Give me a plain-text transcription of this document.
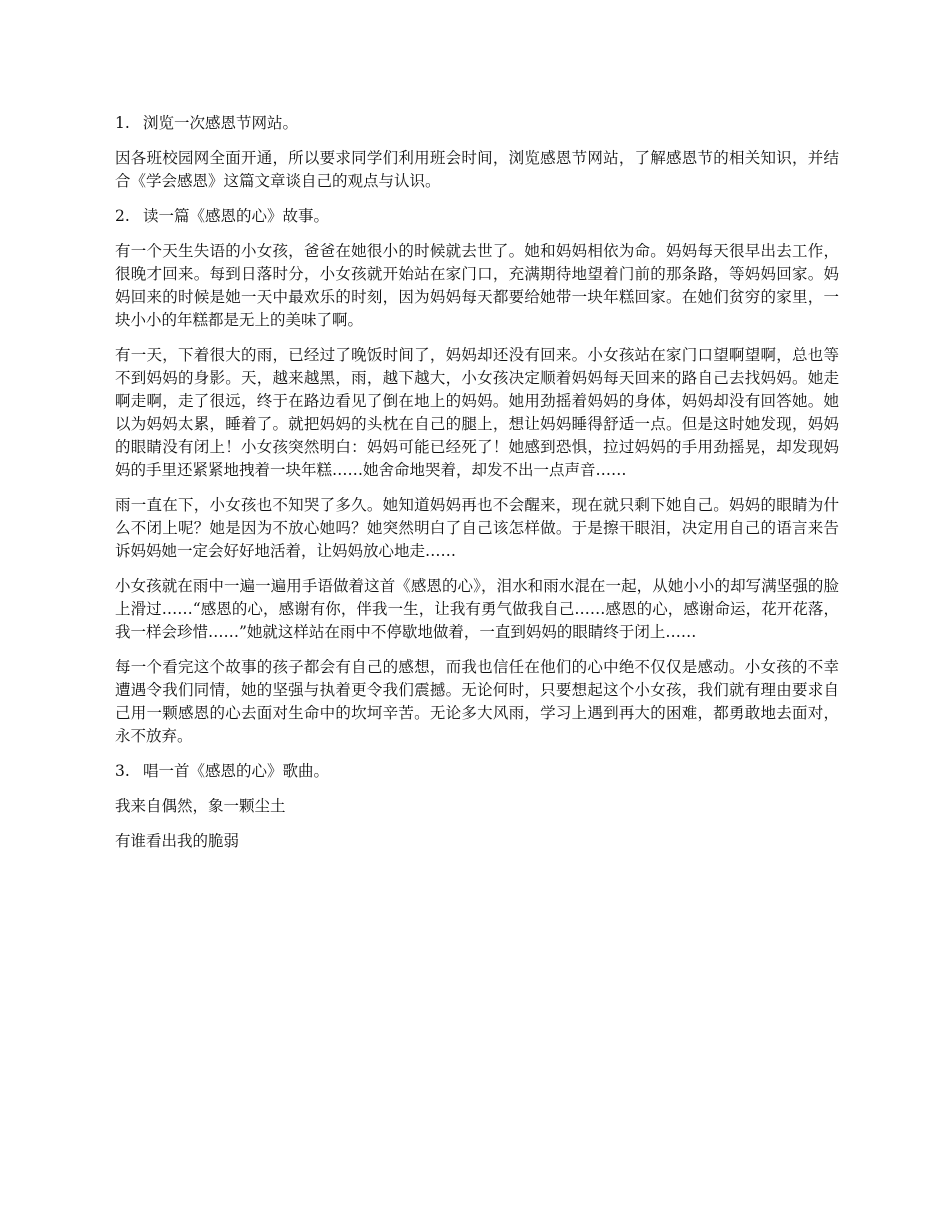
1. 浏览一次感恩节网站。

因各班校园网全面开通，所以要求同学们利用班会时间，浏览感恩节网站，了解感恩节的相关知识，并结合《学会感恩》这篇文章谈自己的观点与认识。

2. 读一篇《感恩的心》故事。

有一个天生失语的小女孩，爸爸在她很小的时候就去世了。她和妈妈相依为命。妈妈每天很早出去工作，很晚才回来。每到日落时分，小女孩就开始站在家门口，充满期待地望着门前的那条路，等妈妈回家。妈妈回来的时候是她一天中最欢乐的时刻，因为妈妈每天都要给她带一块年糕回家。在她们贫穷的家里，一块小小的年糕都是无上的美味了啊。

有一天，下着很大的雨，已经过了晚饭时间了，妈妈却还没有回来。小女孩站在家门口望啊望啊，总也等不到妈妈的身影。天，越来越黑，雨，越下越大，小女孩决定顺着妈妈每天回来的路自己去找妈妈。她走啊走啊，走了很远，终于在路边看见了倒在地上的妈妈。她用劲摇着妈妈的身体，妈妈却没有回答她。她以为妈妈太累，睡着了。就把妈妈的头枕在自己的腿上，想让妈妈睡得舒适一点。但是这时她发现，妈妈的眼睛没有闭上！小女孩突然明白：妈妈可能已经死了！她感到恐惧，拉过妈妈的手用劲摇晃，却发现妈妈的手里还紧紧地拽着一块年糕……她舍命地哭着，却发不出一点声音……

雨一直在下，小女孩也不知哭了多久。她知道妈妈再也不会醒来，现在就只剩下她自己。妈妈的眼睛为什么不闭上呢？她是因为不放心她吗？她突然明白了自己该怎样做。于是擦干眼泪，决定用自己的语言来告诉妈妈她一定会好好地活着，让妈妈放心地走……

小女孩就在雨中一遍一遍用手语做着这首《感恩的心》，泪水和雨水混在一起，从她小小的却写满坚强的脸上滑过……“感恩的心，感谢有你，伴我一生，让我有勇气做我自己……感恩的心，感谢命运，花开花落，我一样会珍惜……”她就这样站在雨中不停歇地做着，一直到妈妈的眼睛终于闭上……

每一个看完这个故事的孩子都会有自己的感想，而我也信任在他们的心中绝不仅仅是感动。小女孩的不幸遭遇令我们同情，她的坚强与执着更令我们震撼。无论何时，只要想起这个小女孩，我们就有理由要求自己用一颗感恩的心去面对生命中的坎坷辛苦。无论多大风雨，学习上遇到再大的困难，都勇敢地去面对，永不放弃。

3. 唱一首《感恩的心》歌曲。

我来自偶然，象一颗尘土

有谁看出我的脆弱
